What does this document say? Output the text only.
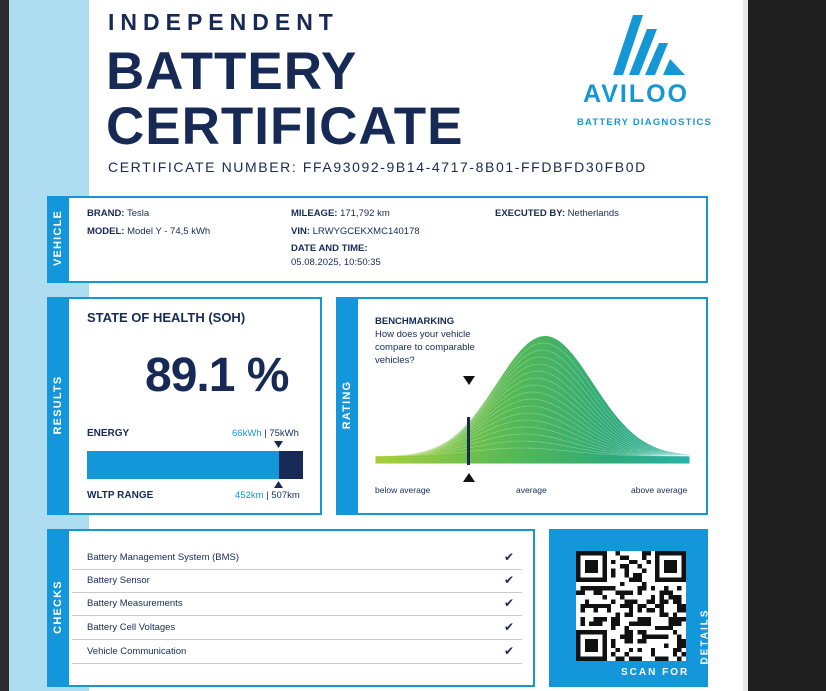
INDEPENDENT
BATTERY
CERTIFICATE
CERTIFICATE NUMBER: FFA93092-9B14-4717-8B01-FFDBFD30FB0D
AVILOO
BATTERY DIAGNOSTICS
VEHICLE BRAND: Tesla
MODEL: Model Y - 74,5 kWh
MILEAGE: 171,792 km
VIN: LRWYGCEKXMC140178
DATE AND TIME:
05.08.2025, 10:50:35
EXECUTED BY: Netherlands
RESULTS
STATE OF HEALTH (SOH)
89.1 %
ENERGY	66kWh | 75kWh
WLTP RANGE	452km | 507km
RATING
BENCHMARKING
How does your vehicle compare to comparable vehicles?
below average	average	above average
CHECKS
Battery Management System (BMS)	✔
Battery Sensor	✔
Battery Measurements	✔
Battery Cell Voltages	✔
Vehicle Communication	✔
SCAN FOR
DETAILS
